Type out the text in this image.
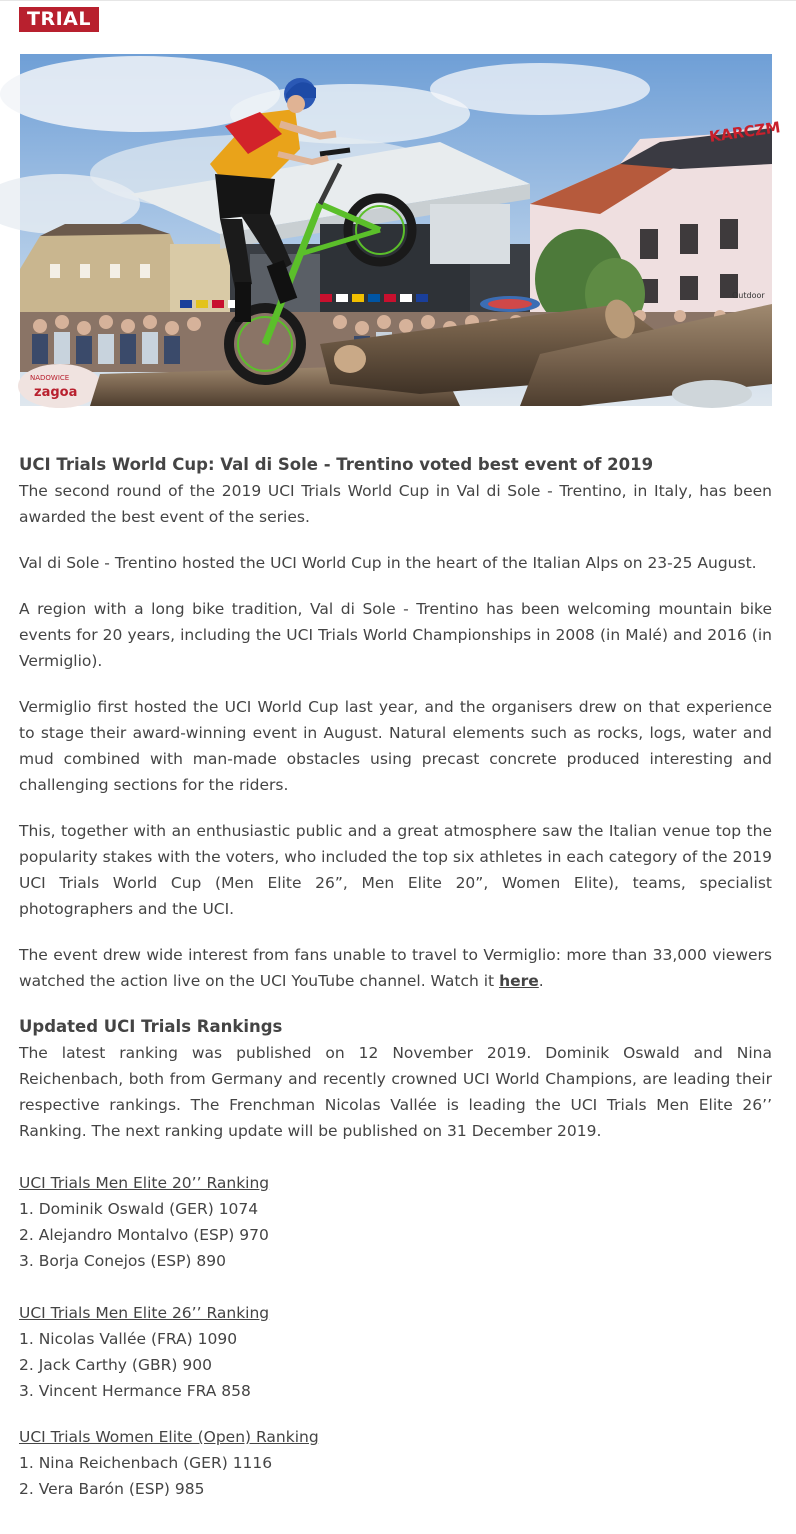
TRIAL
KARCZM
Outdoor
NADOWICE
zagoa
UCI Trials World Cup: Val di Sole - Trentino voted best event of 2019

The second round of the 2019 UCI Trials World Cup in Val di Sole - Trentino, in Italy, has been awarded the best event of the series.

Val di Sole - Trentino hosted the UCI World Cup in the heart of the Italian Alps on 23-25 August.

A region with a long bike tradition, Val di Sole - Trentino has been welcoming mountain bike events for 20 years, including the UCI Trials World Championships in 2008 (in Malé) and 2016 (in Vermiglio).

Vermiglio first hosted the UCI World Cup last year, and the organisers drew on that experience to stage their award-winning event in August. Natural elements such as rocks, logs, water and mud combined with man-made obstacles using precast concrete produced interesting and challenging sections for the riders.

This, together with an enthusiastic public and a great atmosphere saw the Italian venue top the popularity stakes with the voters, who included the top six athletes in each category of the 2019 UCI Trials World Cup (Men Elite 26”, Men Elite 20”, Women Elite), teams, specialist photographers and the UCI.

The event drew wide interest from fans unable to travel to Vermiglio: more than 33,000 viewers watched the action live on the UCI YouTube channel. Watch it here.

Updated UCI Trials Rankings

The latest ranking was published on 12 November 2019. Dominik Oswald and Nina Reichenbach, both from Germany and recently crowned UCI World Champions, are leading their respective rankings. The Frenchman Nicolas Vallée is leading the UCI Trials Men Elite 26’’ Ranking. The next ranking update will be published on 31 December 2019.

UCI Trials Men Elite 20’’ Ranking
1. Dominik Oswald (GER) 1074
2. Alejandro Montalvo (ESP) 970
3. Borja Conejos (ESP) 890
UCI Trials Men Elite 26’’ Ranking
1. Nicolas Vallée (FRA) 1090
2. Jack Carthy (GBR) 900
3. Vincent Hermance FRA 858
UCI Trials Women Elite (Open) Ranking
1. Nina Reichenbach (GER) 1116
2. Vera Barón (ESP) 985
